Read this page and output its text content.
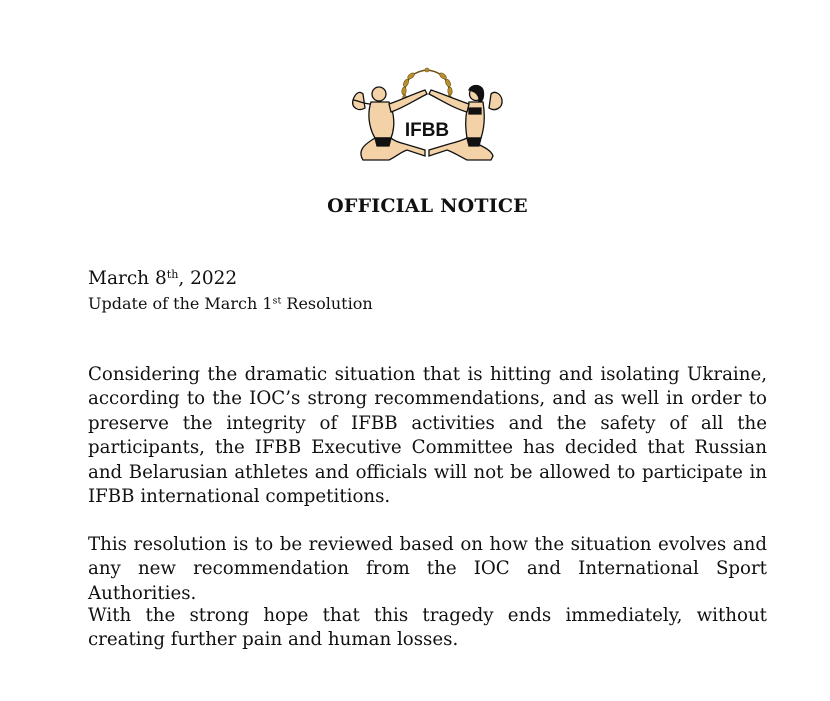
IFBB
OFFICIAL NOTICE
March 8th, 2022
Update of the March 1st Resolution

Considering the dramatic situation that is hitting and isolating Ukraine, according to the IOC’s strong recommendations, and as well in order to preserve the integrity of IFBB activities and the safety of all the participants, the IFBB Executive Committee has decided that Russian and Belarusian athletes and officials will not be allowed to participate in IFBB international competitions.

This resolution is to be reviewed based on how the situation evolves and any new recommendation from the IOC and International Sport Authorities.

With the strong hope that this tragedy ends immediately, without creating further pain and human losses.
